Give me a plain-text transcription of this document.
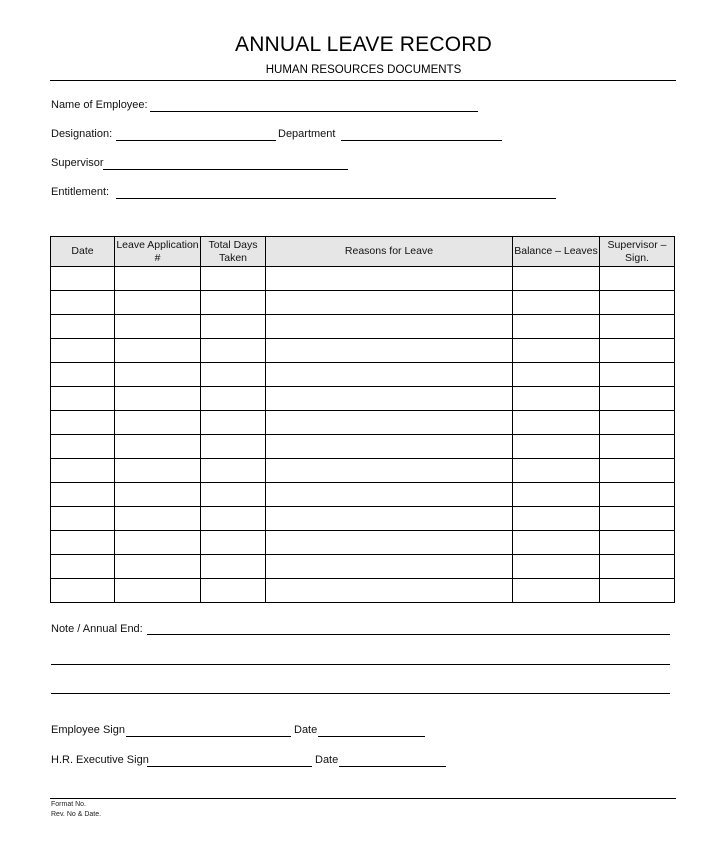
ANNUAL LEAVE RECORD
HUMAN RESOURCES DOCUMENTS
Name of Employee:
Designation:	Department
Supervisor
Entitlement:
Date	Leave Application #	Total Days Taken	Reasons for Leave	Balance – Leaves	Supervisor – Sign.

Note / Annual End:
Employee Sign	Date
H.R. Executive Sign	Date
Format No.
Rev. No & Date.
